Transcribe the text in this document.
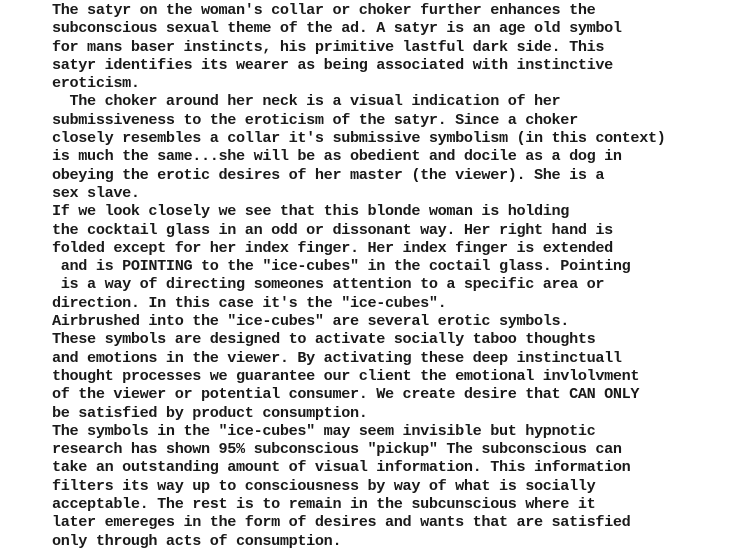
The satyr on the woman's collar or choker further enhances the
subconscious sexual theme of the ad. A satyr is an age old symbol
for mans baser instincts, his primitive lastful dark side. This
satyr identifies its wearer as being associated with instinctive
eroticism.
The choker around her neck is a visual indication of her
submissiveness to the eroticism of the satyr. Since a choker
closely resembles a collar it's submissive symbolism (in this context)
is much the same...she will be as obedient and docile as a dog in
obeying the erotic desires of her master (the viewer). She is a
sex slave.
If we look closely we see that this blonde woman is holding
the cocktail glass in an odd or dissonant way. Her right hand is
folded except for her index finger. Her index finger is extended
and is POINTING to the "ice-cubes" in the coctail glass. Pointing
is a way of directing someones attention to a specific area or
direction. In this case it's the "ice-cubes".
Airbrushed into the "ice-cubes" are several erotic symbols.
These symbols are designed to activate socially taboo thoughts
and emotions in the viewer. By activating these deep instinctuall
thought processes we guarantee our client the emotional invlolvment
of the viewer or potential consumer. We create desire that CAN ONLY
be satisfied by product consumption.
The symbols in the "ice-cubes" may seem invisible but hypnotic
research has shown 95% subconscious "pickup" The subconscious can
take an outstanding amount of visual information. This information
filters its way up to consciousness by way of what is socially
acceptable. The rest is to remain in the subcunscious where it
later emereges in the form of desires and wants that are satisfied
only through acts of consumption.
